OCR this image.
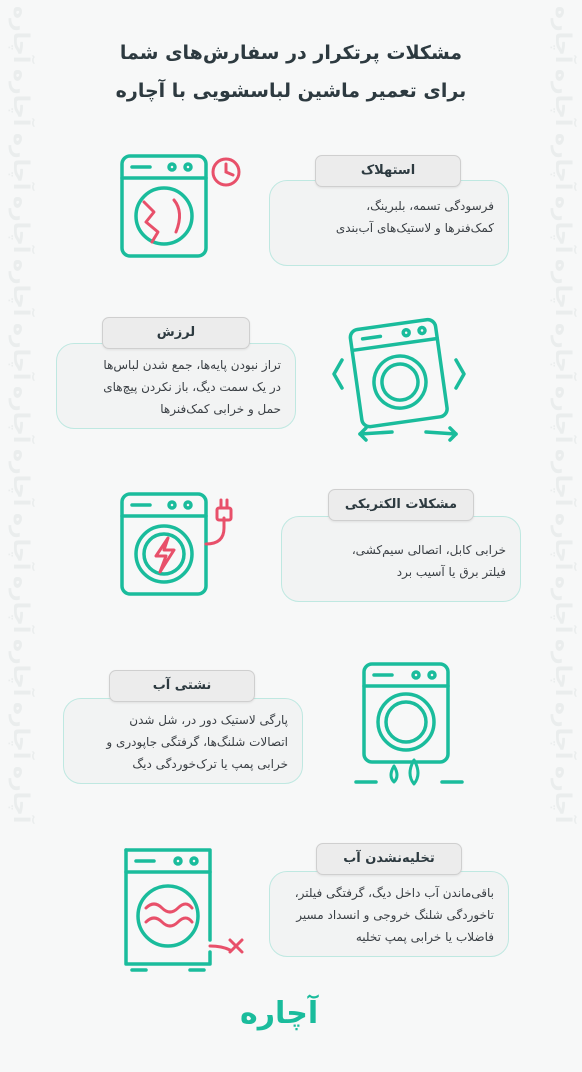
آچاره
آچاره
آچاره
آچاره
آچاره
آچاره
آچاره
آچاره
آچاره
آچاره
آچاره
آچاره
آچاره
آچاره
آچاره
آچاره
آچاره
آچاره
آچاره
آچاره
آچاره
آچاره
آچاره
آچاره
آچاره
آچاره
مشکلات پرتکرار در سفارش‌های شما
برای تعمیر ماشین لباسشویی با آچاره
فرسودگی تسمه، بلبرینگ،
کمک‌فنرها و لاستیک‌های آب‌بندی
استهلاک
تراز نبودن پایه‌ها، جمع شدن لباس‌ها
در یک سمت دیگ، باز نکردن پیچ‌های
حمل و خرابی کمک‌فنرها
لرزش
خرابی کابل، اتصالی سیم‌کشی،
فیلتر برق یا آسیب برد
مشکلات الکتریکی
پارگی لاستیک دور در، شل شدن
اتصالات شلنگ‌ها، گرفتگی جاپودری و
خرابی پمپ یا ترک‌خوردگی دیگ
نشتی آب
باقی‌ماندن آب داخل دیگ، گرفتگی فیلتر،
تاخوردگی شلنگ خروجی و انسداد مسیر
فاضلاب یا خرابی پمپ تخلیه
تخلیه‌نشدن آب
آچاره
